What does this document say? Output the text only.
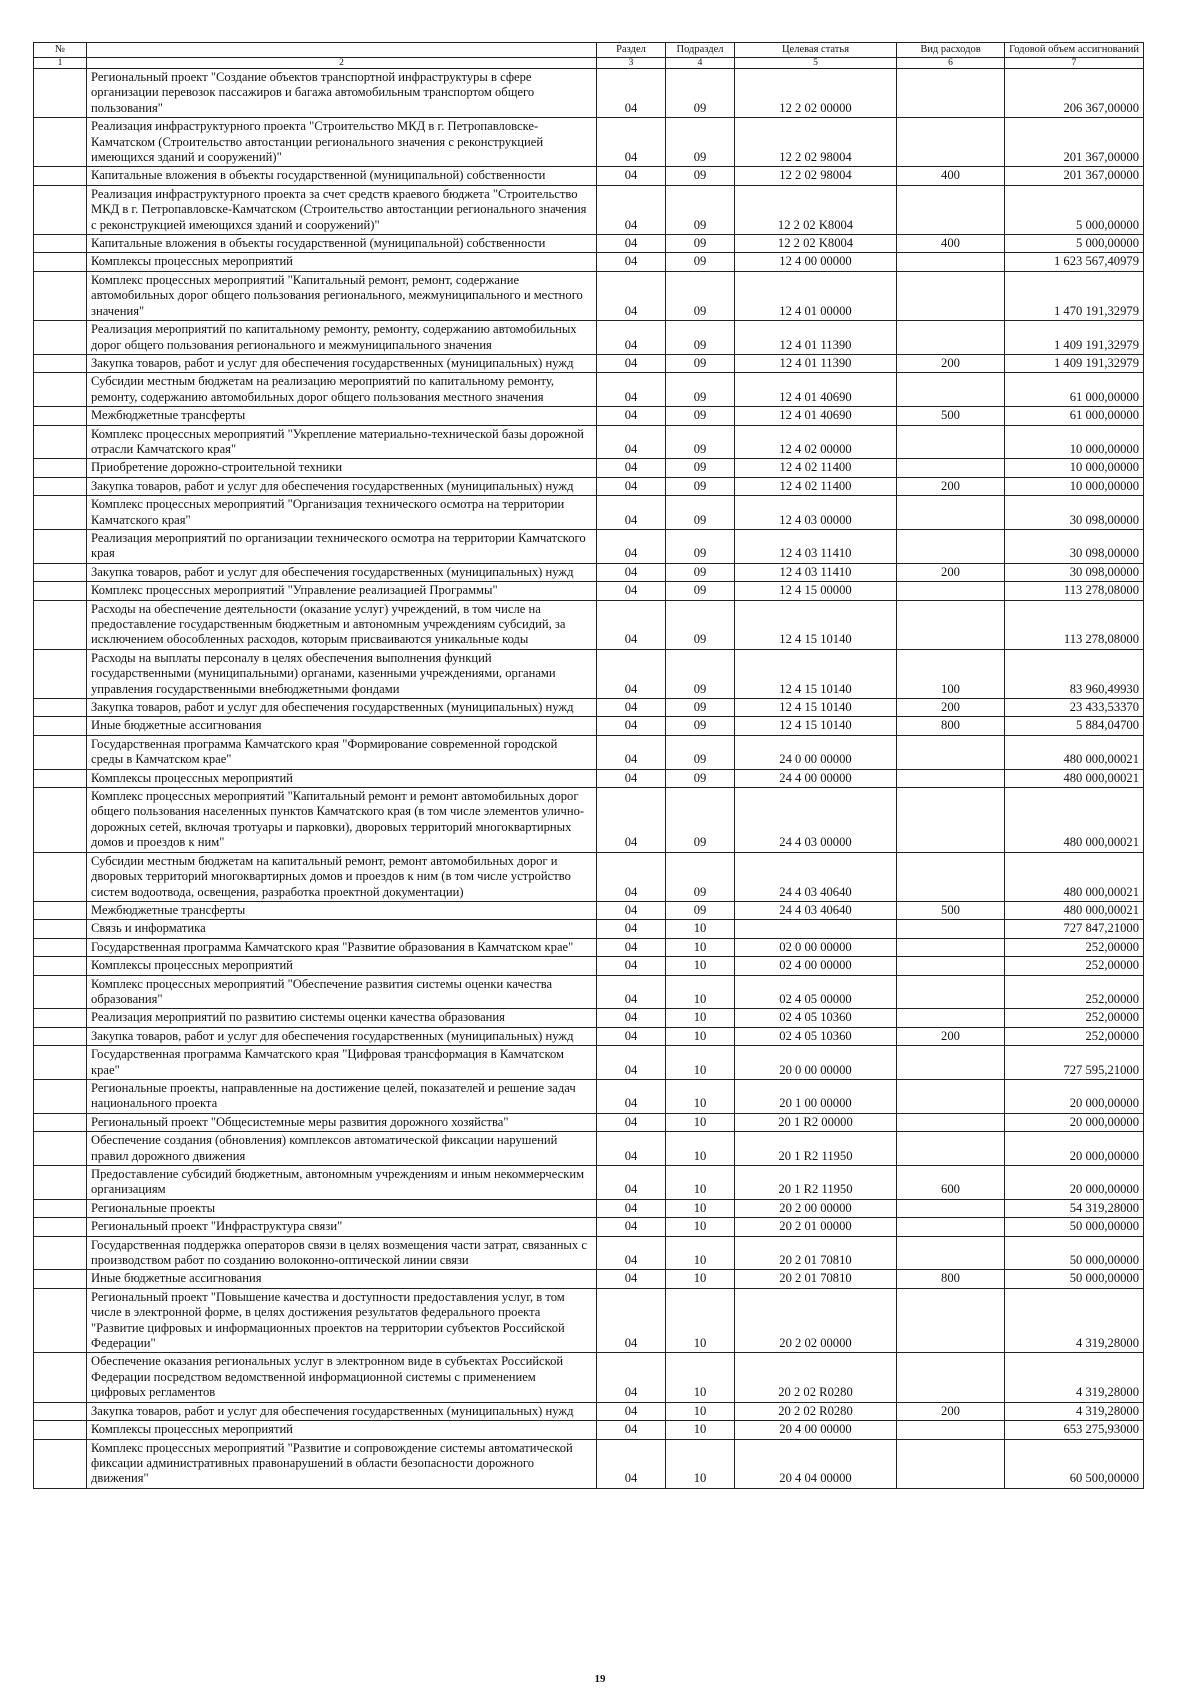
№		Раздел	Подраздел	Целевая статья	Вид расходов	Годовой объем ассигнований
1	2	3	4	5	6	7
	Региональный проект "Создание объектов транспортной инфраструктуры в сфере организации перевозок пассажиров и багажа автомобильным транспортом общего пользования"	04	09	12 2 02 00000		206 367,00000
	Реализация инфраструктурного проекта "Строительство МКД в г. Петропавловске-Камчатском (Строительство автостанции регионального значения с реконструкцией имеющихся зданий и сооружений)"	04	09	12 2 02 98004		201 367,00000
	Капитальные вложения в объекты государственной (муниципальной) собственности	04	09	12 2 02 98004	400	201 367,00000
	Реализация инфраструктурного проекта за счет средств краевого бюджета "Строительство МКД в г. Петропавловске-Камчатском (Строительство автостанции регионального значения с реконструкцией имеющихся зданий и сооружений)"	04	09	12 2 02 K8004		5 000,00000
	Капитальные вложения в объекты государственной (муниципальной) собственности	04	09	12 2 02 K8004	400	5 000,00000
	Комплексы процессных мероприятий	04	09	12 4 00 00000		1 623 567,40979
	Комплекс процессных мероприятий "Капитальный ремонт, ремонт, содержание автомобильных дорог общего пользования регионального, межмуниципального и местного значения"	04	09	12 4 01 00000		1 470 191,32979
	Реализация мероприятий по капитальному ремонту, ремонту, содержанию автомобильных дорог общего пользования регионального и межмуниципального значения	04	09	12 4 01 11390		1 409 191,32979
	Закупка товаров, работ и услуг для обеспечения государственных (муниципальных) нужд	04	09	12 4 01 11390	200	1 409 191,32979
	Субсидии местным бюджетам на реализацию мероприятий по капитальному ремонту, ремонту, содержанию автомобильных дорог общего пользования местного значения	04	09	12 4 01 40690		61 000,00000
	Межбюджетные трансферты	04	09	12 4 01 40690	500	61 000,00000
	Комплекс процессных мероприятий "Укрепление материально-технической базы дорожной отрасли Камчатского края"	04	09	12 4 02 00000		10 000,00000
	Приобретение дорожно-строительной техники	04	09	12 4 02 11400		10 000,00000
	Закупка товаров, работ и услуг для обеспечения государственных (муниципальных) нужд	04	09	12 4 02 11400	200	10 000,00000
	Комплекс процессных мероприятий "Организация технического осмотра на территории Камчатского края"	04	09	12 4 03 00000		30 098,00000
	Реализация мероприятий по организации технического осмотра на территории Камчатского края	04	09	12 4 03 11410		30 098,00000
	Закупка товаров, работ и услуг для обеспечения государственных (муниципальных) нужд	04	09	12 4 03 11410	200	30 098,00000
	Комплекс процессных мероприятий "Управление реализацией Программы"	04	09	12 4 15 00000		113 278,08000
	Расходы на обеспечение деятельности (оказание услуг) учреждений, в том числе на предоставление государственным бюджетным и автономным учреждениям субсидий, за исключением обособленных расходов, которым присваиваются уникальные коды	04	09	12 4 15 10140		113 278,08000
	Расходы на выплаты персоналу в целях обеспечения выполнения функций государственными (муниципальными) органами, казенными учреждениями, органами управления государственными внебюджетными фондами	04	09	12 4 15 10140	100	83 960,49930
	Закупка товаров, работ и услуг для обеспечения государственных (муниципальных) нужд	04	09	12 4 15 10140	200	23 433,53370
	Иные бюджетные ассигнования	04	09	12 4 15 10140	800	5 884,04700
	Государственная программа Камчатского края "Формирование современной городской среды в Камчатском крае"	04	09	24 0 00 00000		480 000,00021
	Комплексы процессных мероприятий	04	09	24 4 00 00000		480 000,00021
	Комплекс процессных мероприятий "Капитальный ремонт и ремонт автомобильных дорог общего пользования населенных пунктов Камчатского края (в том числе элементов улично-дорожных сетей, включая тротуары и парковки), дворовых территорий многоквартирных домов и проездов к ним"	04	09	24 4 03 00000		480 000,00021
	Субсидии местным бюджетам на капитальный ремонт, ремонт автомобильных дорог и дворовых территорий многоквартирных домов и проездов к ним (в том числе устройство систем водоотвода, освещения, разработка проектной документации)	04	09	24 4 03 40640		480 000,00021
	Межбюджетные трансферты	04	09	24 4 03 40640	500	480 000,00021
	Связь и информатика	04	10			727 847,21000
	Государственная программа Камчатского края "Развитие образования в Камчатском крае"	04	10	02 0 00 00000		252,00000
	Комплексы процессных мероприятий	04	10	02 4 00 00000		252,00000
	Комплекс процессных мероприятий "Обеспечение развития системы оценки качества образования"	04	10	02 4 05 00000		252,00000
	Реализация мероприятий по развитию системы оценки качества образования	04	10	02 4 05 10360		252,00000
	Закупка товаров, работ и услуг для обеспечения государственных (муниципальных) нужд	04	10	02 4 05 10360	200	252,00000
	Государственная программа Камчатского края "Цифровая трансформация в Камчатском крае"	04	10	20 0 00 00000		727 595,21000
	Региональные проекты, направленные на достижение целей, показателей и решение задач национального проекта	04	10	20 1 00 00000		20 000,00000
	Региональный проект "Общесистемные меры развития дорожного хозяйства"	04	10	20 1 R2 00000		20 000,00000
	Обеспечение создания (обновления) комплексов автоматической фиксации нарушений правил дорожного движения	04	10	20 1 R2 11950		20 000,00000
	Предоставление субсидий бюджетным, автономным учреждениям и иным некоммерческим организациям	04	10	20 1 R2 11950	600	20 000,00000
	Региональные проекты	04	10	20 2 00 00000		54 319,28000
	Региональный проект "Инфраструктура связи"	04	10	20 2 01 00000		50 000,00000
	Государственная поддержка операторов связи в целях возмещения части затрат, связанных с производством работ по созданию волоконно-оптической линии связи	04	10	20 2 01 70810		50 000,00000
	Иные бюджетные ассигнования	04	10	20 2 01 70810	800	50 000,00000
	Региональный проект "Повышение качества и доступности предоставления услуг, в том числе в электронной форме, в целях достижения результатов федерального проекта "Развитие цифровых и информационных проектов на территории субъектов Российской Федерации"	04	10	20 2 02 00000		4 319,28000
	Обеспечение оказания региональных услуг в электронном виде в субъектах Российской Федерации посредством ведомственной информационной системы с применением цифровых регламентов	04	10	20 2 02 R0280		4 319,28000
	Закупка товаров, работ и услуг для обеспечения государственных (муниципальных) нужд	04	10	20 2 02 R0280	200	4 319,28000
	Комплексы процессных мероприятий	04	10	20 4 00 00000		653 275,93000
	Комплекс процессных мероприятий "Развитие и сопровождение системы автоматической фиксации административных правонарушений в области безопасности дорожного движения"	04	10	20 4 04 00000		60 500,00000
19
